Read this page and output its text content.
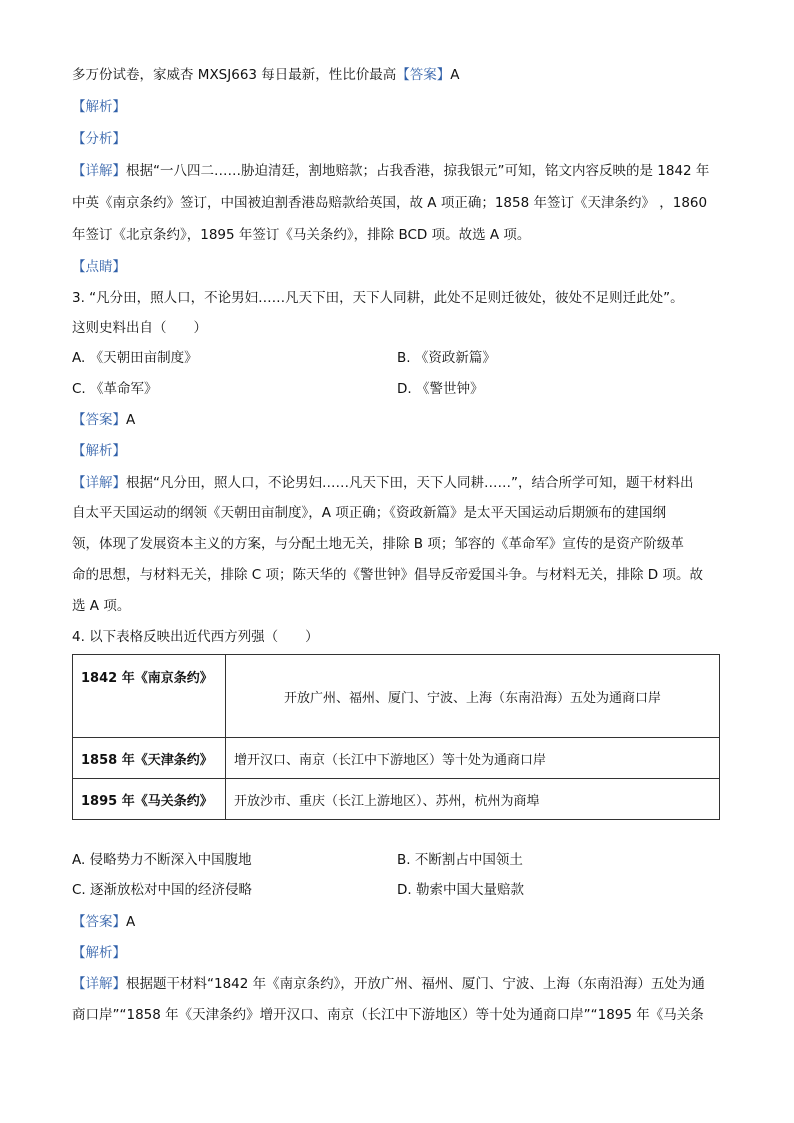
多万份试卷，家威杏 MXSJ663 每日最新，性比价最高【答案】A
【解析】
【分析】
【详解】根据“一八四二……胁迫清廷，割地赔款；占我香港，掠我银元”可知，铭文内容反映的是 1842 年
中英《南京条约》签订，中国被迫割香港岛赔款给英国，故 A 项正确；1858 年签订《天津条约》 ，1860
年签订《北京条约》，1895 年签订《马关条约》，排除 BCD 项。故选 A 项。
【点睛】
3. “凡分田，照人口，不论男妇……凡天下田，天下人同耕，此处不足则迁彼处，彼处不足则迁此处”。
这则史料出自（　　）
A. 《天朝田亩制度》	B. 《资政新篇》
C. 《革命军》	D. 《警世钟》
【答案】A
【解析】
【详解】根据“凡分田，照人口，不论男妇……凡天下田，天下人同耕……”，结合所学可知，题干材料出
自太平天国运动的纲领《天朝田亩制度》，A 项正确；《资政新篇》是太平天国运动后期颁布的建国纲
领，体现了发展资本主义的方案，与分配土地无关，排除 B 项；邹容的《革命军》宣传的是资产阶级革
命的思想，与材料无关，排除 C 项；陈天华的《警世钟》倡导反帝爱国斗争。与材料无关，排除 D 项。故
选 A 项。
4. 以下表格反映出近代西方列强（　　）
1842 年《南京条约》	开放广州、福州、厦门、宁波、上海（东南沿海）五处为通商口岸
1858 年《天津条约》	增开汉口、南京（长江中下游地区）等十处为通商口岸
1895 年《马关条约》	开放沙市、重庆（长江上游地区）、苏州，杭州为商埠
A. 侵略势力不断深入中国腹地	B. 不断割占中国领土
C. 逐渐放松对中国的经济侵略	D. 勒索中国大量赔款
【答案】A
【解析】
【详解】根据题干材料“1842 年《南京条约》，开放广州、福州、厦门、宁波、上海（东南沿海）五处为通
商口岸”“1858 年《天津条约》增开汉口、南京（长江中下游地区）等十处为通商口岸”“1895 年《马关条
